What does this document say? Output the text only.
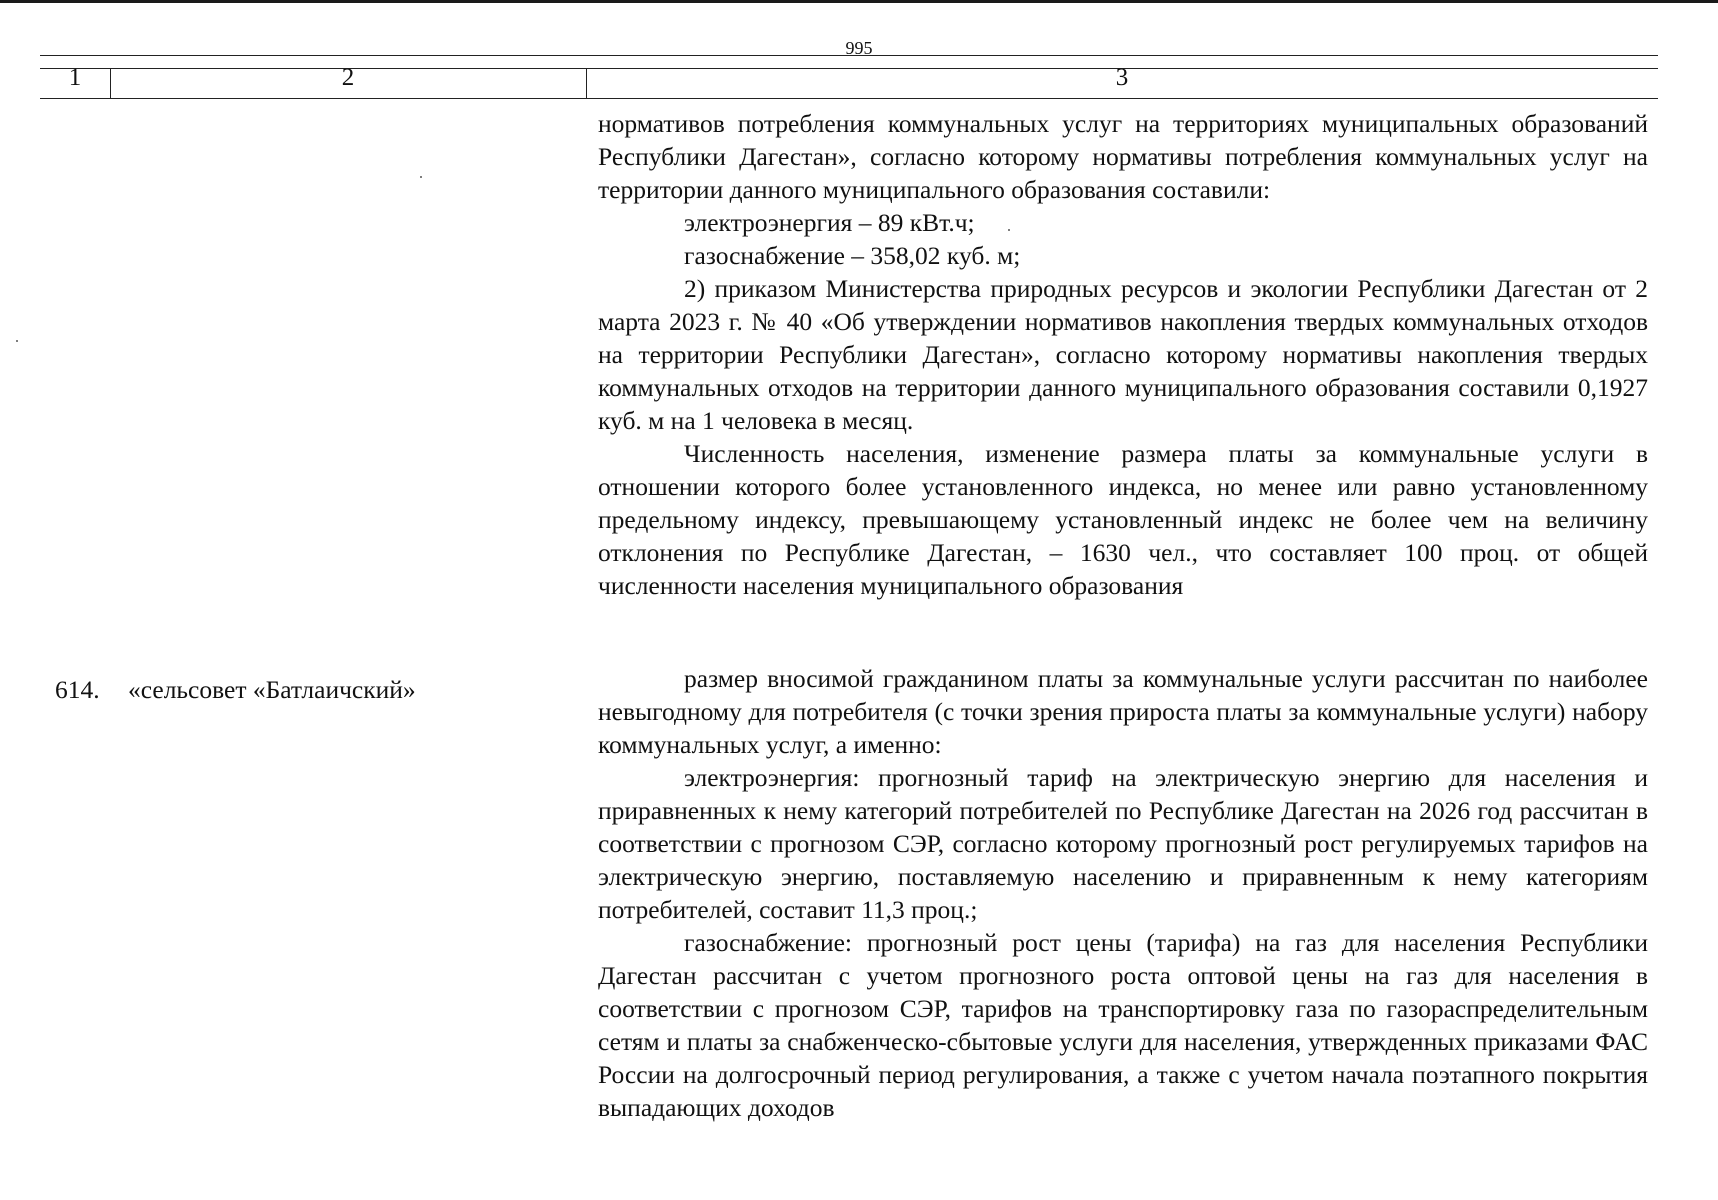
995
1	2	3

нормативов потребления коммунальных услуг на территориях муниципальных образований Республики Дагестан», согласно которому нормативы потребления коммунальных услуг на территории данного муниципального образования составили:

электроэнергия – 89 кВт.ч;

газоснабжение – 358,02 куб. м;

2) приказом Министерства природных ресурсов и экологии Республики Дагестан от 2 марта 2023 г. № 40 «Об утверждении нормативов накопления твердых коммунальных отходов на территории Республики Дагестан», согласно которому нормативы накопления твердых коммунальных отходов на территории данного муниципального образования составили 0,1927 куб. м на 1 человека в месяц.

Численность населения, изменение размера платы за коммунальные услуги в отношении которого более установленного индекса, но менее или равно установленному предельному индексу, превышающему установленный индекс не более чем на величину отклонения по Республике Дагестан, – 1630 чел., что составляет 100 проц. от общей численности населения муниципального образования

614. «сельсовет «Батлаичский»	размер вносимой гражданином платы за коммунальные услуги рассчитан по наиболее невыгодному для потребителя (с точки зрения прироста платы за коммунальные услуги) набору коммунальных услуг, а именно:

электроэнергия: прогнозный тариф на электрическую энергию для населения и приравненных к нему категорий потребителей по Республике Дагестан на 2026 год рассчитан в соответствии с прогнозом СЭР, согласно которому прогнозный рост регулируемых тарифов на электрическую энергию, поставляемую населению и приравненным к нему категориям потребителей, составит 11,3 проц.;

газоснабжение: прогнозный рост цены (тарифа) на газ для населения Республики Дагестан рассчитан с учетом прогнозного роста оптовой цены на газ для населения в соответствии с прогнозом СЭР, тарифов на транспортировку газа по газораспределительным сетям и платы за снабженческо-сбытовые услуги для населения, утвержденных приказами ФАС России на долгосрочный период регулирования, а также с учетом начала поэтапного покрытия выпадающих доходов
